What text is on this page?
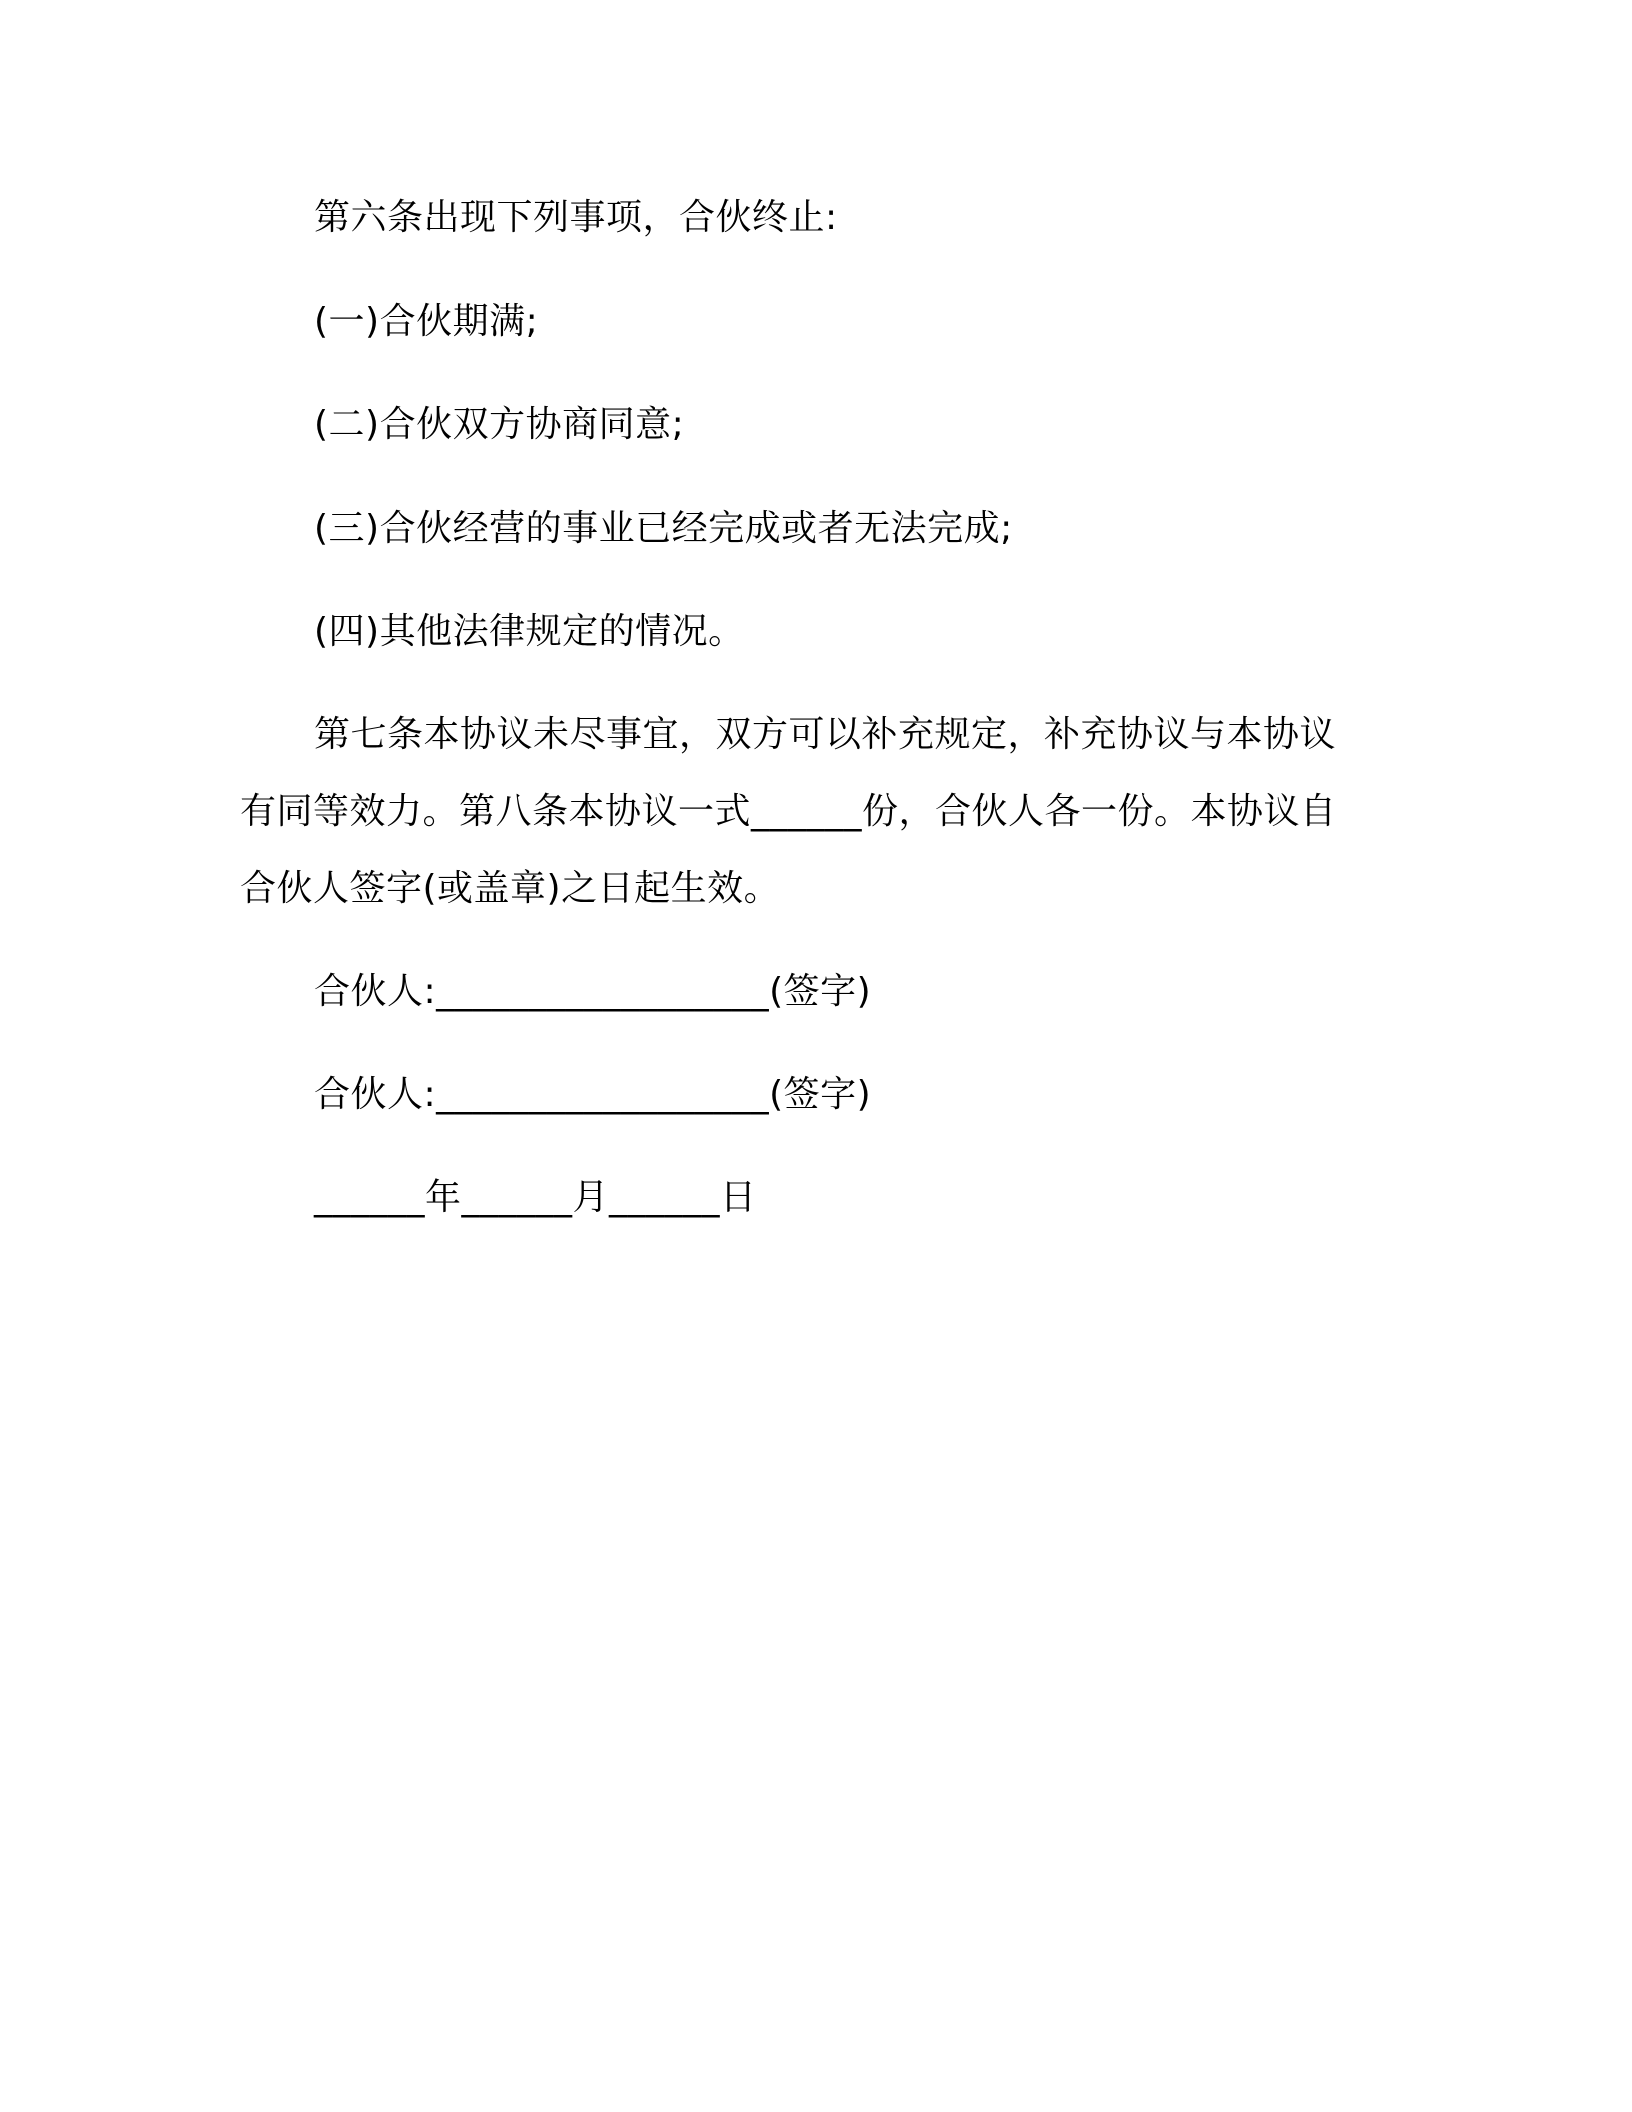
第六条出现下列事项，合伙终止:
(一)合伙期满;
(二)合伙双方协商同意;
(三)合伙经营的事业已经完成或者无法完成;
(四)其他法律规定的情况。
第七条本协议未尽事宜，双方可以补充规定，补充协议与本协议
有同等效力。第八条本协议一式______份，合伙人各一份。本协议自
合伙人签字(或盖章)之日起生效。
合伙人:__________________(签字)
合伙人:__________________(签字)
______年______月______日
